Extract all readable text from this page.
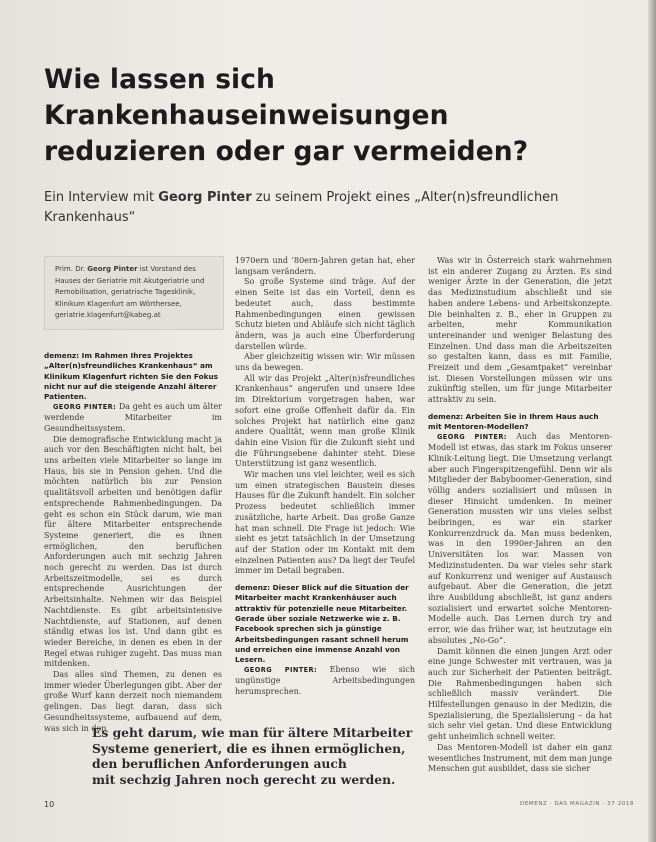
Wie lassen sich Krankenhauseinweisungen reduzieren oder gar vermeiden?

Ein Interview mit Georg Pinter zu seinem Projekt eines „Alter(n)sfreundlichen Krankenhaus“

Prim. Dr. Georg Pinter ist Vorstand des Hauses der Geriatrie mit Akutgeriatrie und Remobilisation, geriatrische Tagesklinik, Klinikum Klagenfurt am Wörthersee, geriatrie.klagenfurt@kabeg.at

demenz: Im Rahmen Ihres Projektes „Alter(n)sfreundliches Krankenhaus“ am Klinikum Klagenfurt richten Sie den Fokus nicht nur auf die steigende Anzahl älterer Patienten.

GEORG PINTER: Da geht es auch um älter werdende Mitarbeiter im Gesundheitssystem.

Die demografische Entwicklung macht ja auch vor den Beschäftigten nicht halt, bei uns arbeiten viele Mitarbeiter so lange im Haus, bis sie in Pension gehen. Und die möchten natürlich bis zur Pension qualitätsvoll arbeiten und benötigen dafür entsprechende Rahmenbedingungen. Da geht es schon ein Stück darum, wie man für ältere Mitarbeiter entsprechende Systeme generiert, die es ihnen ermöglichen, den beruflichen Anforderungen auch mit sechzig Jahren noch gerecht zu werden. Das ist durch Arbeitszeitmodelle, sei es durch entsprechende Ausrichtungen der Arbeitsinhalte. Nehmen wir das Beispiel Nachtdienste. Es gibt arbeitsintensive Nachtdienste, auf Stationen, auf denen ständig etwas los ist. Und dann gibt es wieder Bereiche, in denen es eben in der Regel etwas ruhiger zugeht. Das muss man mitdenken.

Das alles sind Themen, zu denen es immer wieder Überlegungen gibt. Aber der große Wurf kann derzeit noch niemandem gelingen. Das liegt daran, dass sich Gesundheitssysteme, aufbauend auf dem, was sich in den

1970ern und ’80ern-Jahren getan hat, eher langsam verändern.

So große Systeme sind träge. Auf der einen Seite ist das ein Vorteil, denn es bedeutet auch, dass bestimmte Rahmenbedingungen einen gewissen Schutz bieten und Abläufe sich nicht täglich ändern, was ja auch eine Überforderung darstellen würde.

Aber gleichzeitig wissen wir: Wir müssen uns da bewegen.

All wir das Projekt „Alter(n)sfreundliches Krankenhaus“ angerufen und unsere Idee im Direktorium vorgetragen haben, war sofort eine große Offenheit dafür da. Ein solches Projekt hat natürlich eine ganz andere Qualität, wenn man große Klinik dahin eine Vision für die Zukunft sieht und die Führungsebene dahinter steht. Diese Unterstützung ist ganz wesentlich.

Wir machen uns viel leichter, weil es sich um einen strategischen Baustein dieses Hauses für die Zukunft handelt. Ein solcher Prozess bedeutet schließlich immer zusätzliche, harte Arbeit. Das große Ganze hat man schnell. Die Frage ist jedoch: Wie sieht es jetzt tatsächlich in der Umsetzung auf der Station oder im Kontakt mit dem einzelnen Patienten aus? Da liegt der Teufel immer im Detail begraben.

demenz: Dieser Blick auf die Situation der Mitarbeiter macht Krankenhäuser auch attraktiv für potenzielle neue Mitarbeiter. Gerade über soziale Netzwerke wie z. B. Facebook sprechen sich ja günstige Arbeitsbedingungen rasant schnell herum und erreichen eine immense Anzahl von Lesern.

GEORG PINTER: Ebenso wie sich ungünstige Arbeitsbedingungen herumsprechen.

Was wir in Österreich stark wahrnehmen ist ein anderer Zugang zu Ärzten. Es sind weniger Ärzte in der Generation, die jetzt das Medizinstudium abschließt und sie haben andere Lebens- und Arbeitskonzepte. Die beinhalten z. B., eher in Gruppen zu arbeiten, mehr Kommunikation untereinander und weniger Belastung des Einzelnen. Und dass man die Arbeitszeiten so gestalten kann, dass es mit Familie, Freizeit und dem „Gesamtpaket“ vereinbar ist. Diesen Vorstellungen müssen wir uns zukünftig stellen, um für junge Mitarbeiter attraktiv zu sein.

demenz: Arbeiten Sie in Ihrem Haus auch mit Mentoren-Modellen?

GEORG PINTER: Auch das Mentoren-Modell ist etwas, das stark im Fokus unserer Klinik-Leitung liegt. Die Umsetzung verlangt aber auch Fingerspitzengefühl. Denn wir als Mitglieder der Babyboomer-Generation, sind völlig anders sozialisiert und müssen in dieser Hinsicht umdenken. In meiner Generation mussten wir uns vieles selbst beibringen, es war ein starker Konkurrenzdruck da. Man muss bedenken, was in den 1990er-Jahren an den Universitäten los war. Massen von Medizinstudenten. Da war vieles sehr stark auf Konkurrenz und weniger auf Austausch aufgebaut. Aber die Generation, die jetzt ihre Ausbildung abschließt, ist ganz anders sozialisiert und erwartet solche Mentoren-Modelle auch. Das Lernen durch try and error, wie das früher war, ist heutzutage ein absolutes „No-Go“.

Damit können die einen jungen Arzt oder eine junge Schwester mit vertrauen, was ja auch zur Sicherheit der Patienten beiträgt. Die Rahmenbedingungen haben sich schließlich massiv verändert. Die Hilfestellungen genauso in der Medizin, die Spezialisierung, die Spezialisierung – da hat sich sehr viel getan. Und diese Entwicklung geht unheimlich schnell weiter.

Das Mentoren-Modell ist daher ein ganz wesentliches Instrument, mit dem man junge Menschen gut ausbildet, dass sie sicher

Es geht darum, wie man für ältere Mitarbeiter
Systeme generiert, die es ihnen ermöglichen,
den beruflichen Anforderungen auch
mit sechzig Jahren noch gerecht zu werden.

10	DEMENZ · DAS MAGAZIN · 37 2018
